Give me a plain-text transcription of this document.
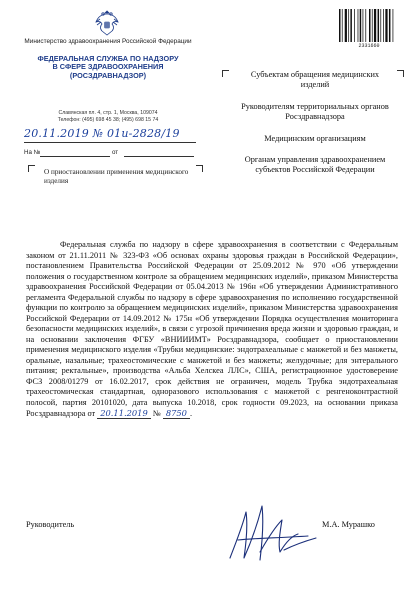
Министерство здравоохранения Российской Федерации
ФЕДЕРАЛЬНАЯ СЛУЖБА ПО НАДЗОРУ
В СФЕРЕ ЗДРАВООХРАНЕНИЯ
(РОСЗДРАВНАДЗОР)
Славянская пл. 4, стр. 1, Москва, 109074
Телефон: (495) 698 45 38; (495) 698 15 74
20.11.2019 № 01и-2828/19
На №	от
О приостановлении применения медицинского изделия
2331660
Субъектам обращения медицинских изделий
Руководителям территориальных органов Росздравнадзора
Медицинским организациям
Органам управления здравоохранением субъектов Российской Федерации
Федеральная служба по надзору в сфере здравоохранения в соответствии с Федеральным законом от 21.11.2011 № 323-ФЗ «Об основах охраны здоровья граждан в Российской Федерации», постановлением Правительства Российской Федерации от 25.09.2012 № 970 «Об утверждении положения о государственном контроле за обращением медицинских изделий», приказом Министерства здравоохранения Российской Федерации от 05.04.2013 № 196н «Об утверждении Административного регламента Федеральной службы по надзору в сфере здравоохранения по исполнению государственной функции по контролю за обращением медицинских изделий», приказом Министерства здравоохранения Российской Федерации от 14.09.2012 № 175н «Об утверждении Порядка осуществления мониторинга безопасности медицинских изделий», в связи с угрозой причинения вреда жизни и здоровью граждан, и на основании заключения ФГБУ «ВНИИИМТ» Росздравнадзора, сообщает о приостановлении применения медицинского изделия «Трубки медицинские: эндотрахеальные с манжетой и без манжеты, оральные, назальные; трахеостомические с манжетой и без манжеты; желудочные; для энтерального питания; ректальные», производства «Альба Хелскеа ЛЛС», США, регистрационное удостоверение ФСЗ 2008/01279 от 16.02.2017, срок действия не ограничен, модель Трубка эндотрахеальная трахеостомическая стандартная, одноразового использования с манжетой с ренгеноконтрастной полосой, партия 20101020, дата выпуска 10.2018, срок годности 09.2023, на основании приказа Росздравнадзора от 20.11.2019 № 8750 .
Руководитель	М.А. Мурашко
